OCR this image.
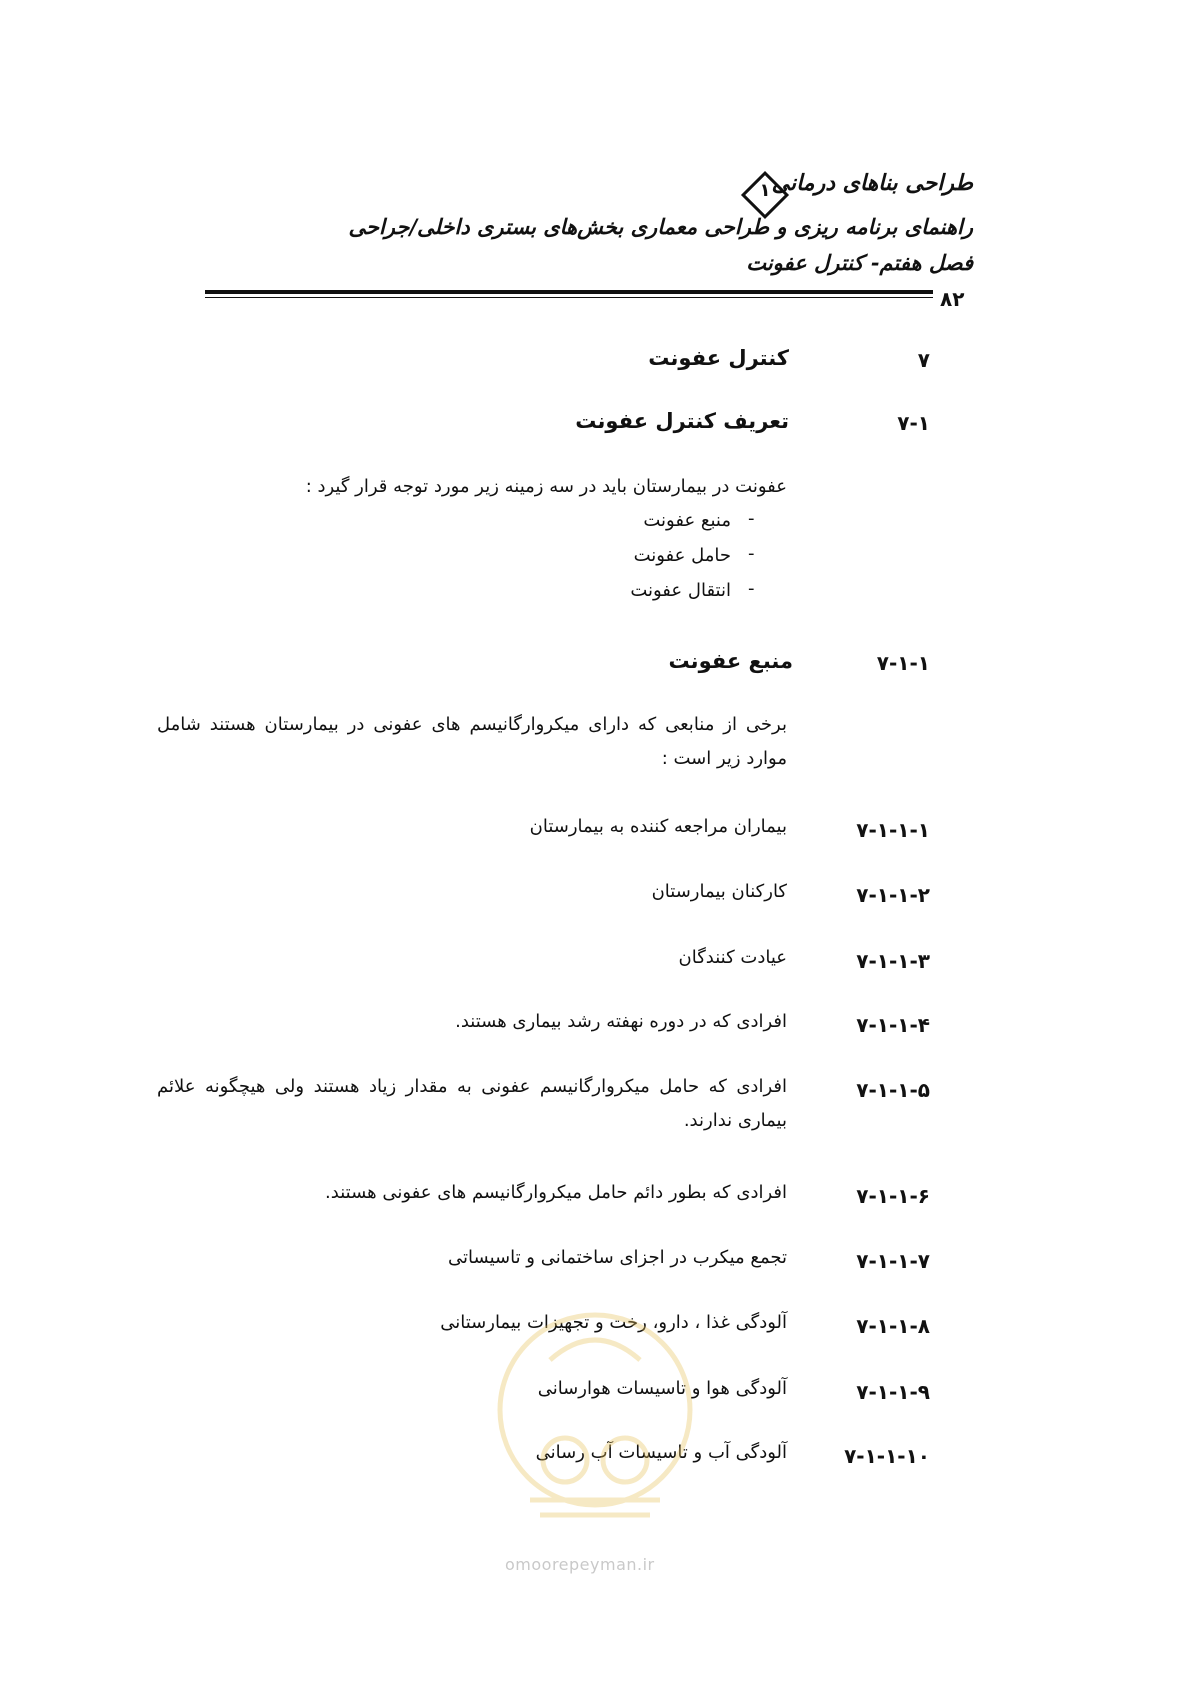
طراحی بناهای درمانی
۱
راهنمای برنامه ریزی و طراحی معماری بخش‌های بستری داخلی/جراحی
فصل هفتم- کنترل عفونت
۸۲
۷
کنترل عفونت
۷-۱
تعریف کنترل عفونت
عفونت در بیمارستان باید در سه زمینه زیر مورد توجه قرار گیرد :
منبع عفونت -
حامل عفونت -
انتقال عفونت -
۷-۱-۱
منبع عفونت
برخی از منابعی که دارای میکروارگانیسم های عفونی در بیمارستان هستند شامل موارد زیر است :
۷-۱-۱-۱
بیماران مراجعه کننده به بیمارستان
۷-۱-۱-۲
کارکنان بیمارستان
۷-۱-۱-۳
عیادت کنندگان
۷-۱-۱-۴
افرادی که در دوره نهفته رشد بیماری هستند.
۷-۱-۱-۵
افرادی که حامل میکروارگانیسم عفونی به مقدار زیاد هستند ولی هیچگونه علائم بیماری ندارند.
۷-۱-۱-۶
افرادی که بطور دائم حامل میکروارگانیسم های عفونی هستند.
۷-۱-۱-۷
تجمع میکرب در اجزای ساختمانی و تاسیساتی
۷-۱-۱-۸
آلودگی غذا ، دارو، رخت و تجهیزات بیمارستانی
۷-۱-۱-۹
آلودگی هوا و تاسیسات هوارسانی
۷-۱-۱-۱۰
آلودگی آب و تاسیسات آب رسانی
omoorepeyman.ir
